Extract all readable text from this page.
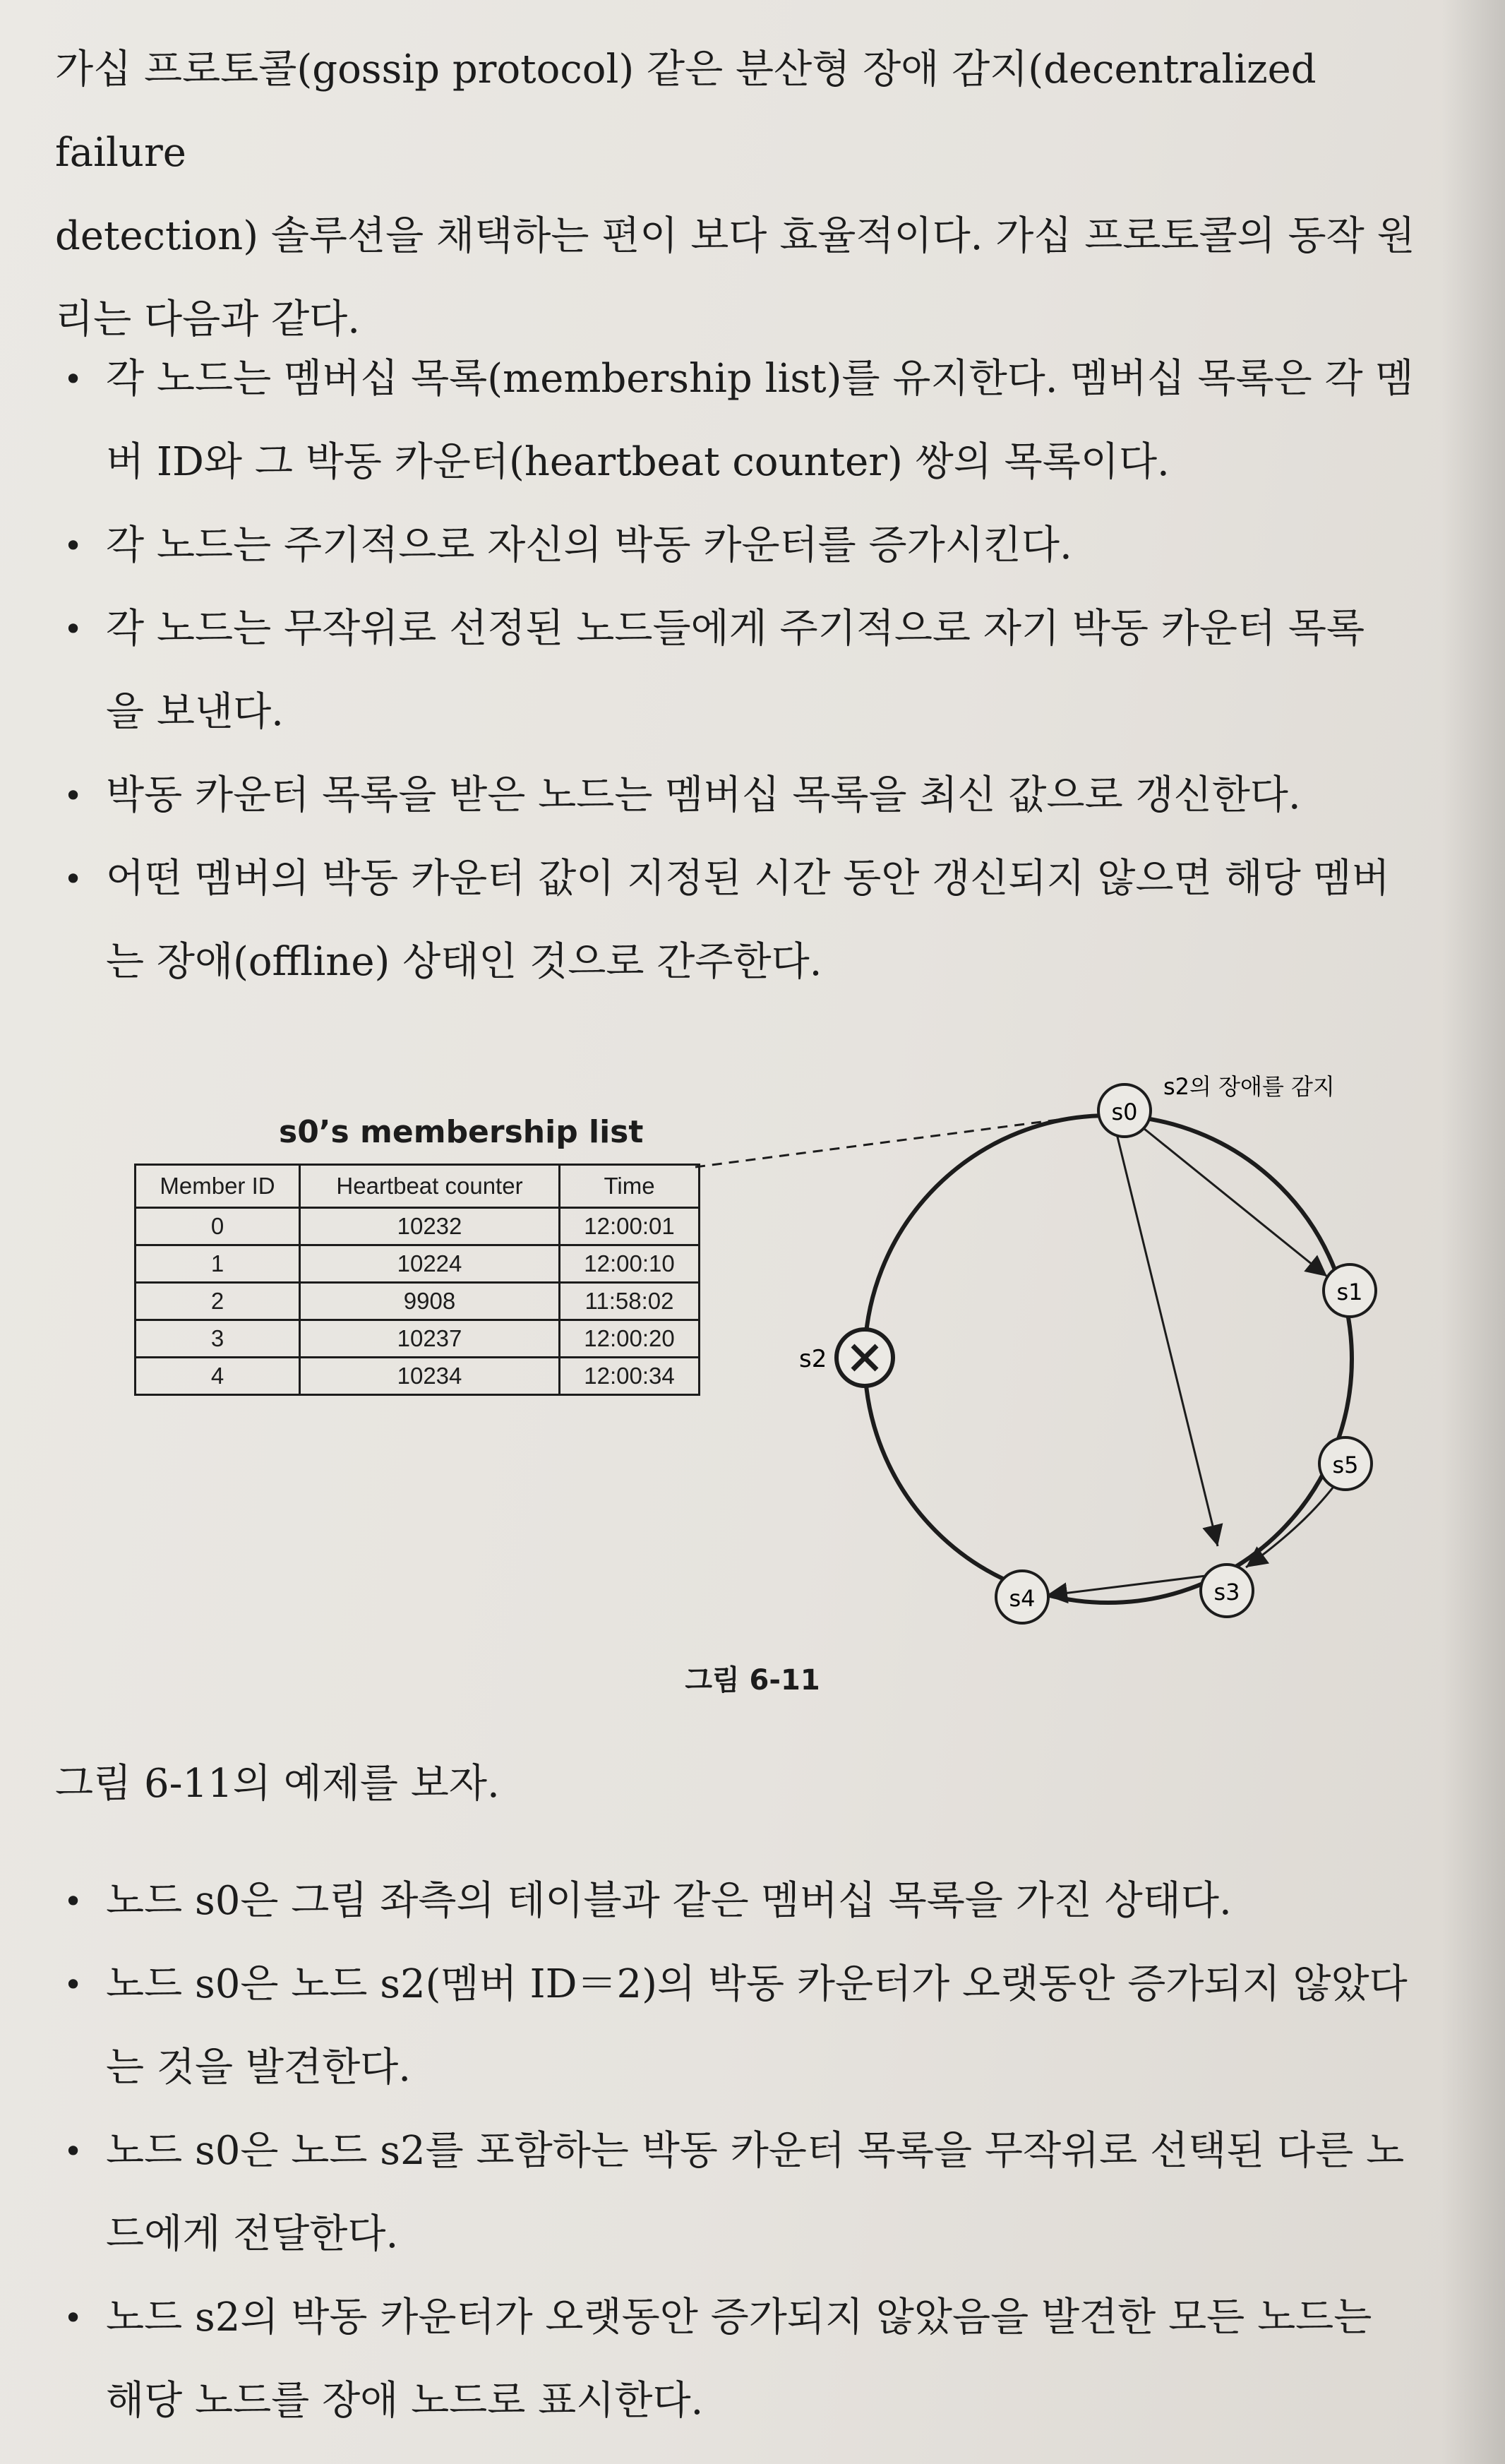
가십 프로토콜(gossip protocol) 같은 분산형 장애 감지(decentralized failure
detection) 솔루션을 채택하는 편이 보다 효율적이다. 가십 프로토콜의 동작 원
리는 다음과 같다.
• 각 노드는 멤버십 목록(membership list)를 유지한다. 멤버십 목록은 각 멤
버 ID와 그 박동 카운터(heartbeat counter) 쌍의 목록이다.
• 각 노드는 주기적으로 자신의 박동 카운터를 증가시킨다.
• 각 노드는 무작위로 선정된 노드들에게 주기적으로 자기 박동 카운터 목록
을 보낸다.
• 박동 카운터 목록을 받은 노드는 멤버십 목록을 최신 값으로 갱신한다.
• 어떤 멤버의 박동 카운터 값이 지정된 시간 동안 갱신되지 않으면 해당 멤버
는 장애(offline) 상태인 것으로 간주한다.
s0’s membership list
Member ID	Heartbeat counter	Time
0	10232	12:00:01
1	10224	12:00:10
2	9908	11:58:02
3	10237	12:00:20
4	10234	12:00:34
s0
s1
s5
s3
s4
s2
s2의 장애를 감지
그림 6-11
그림 6-11의 예제를 보자.
• 노드 s0은 그림 좌측의 테이블과 같은 멤버십 목록을 가진 상태다.
• 노드 s0은 노드 s2(멤버 ID＝2)의 박동 카운터가 오랫동안 증가되지 않았다
는 것을 발견한다.
• 노드 s0은 노드 s2를 포함하는 박동 카운터 목록을 무작위로 선택된 다른 노
드에게 전달한다.
• 노드 s2의 박동 카운터가 오랫동안 증가되지 않았음을 발견한 모든 노드는
해당 노드를 장애 노드로 표시한다.
